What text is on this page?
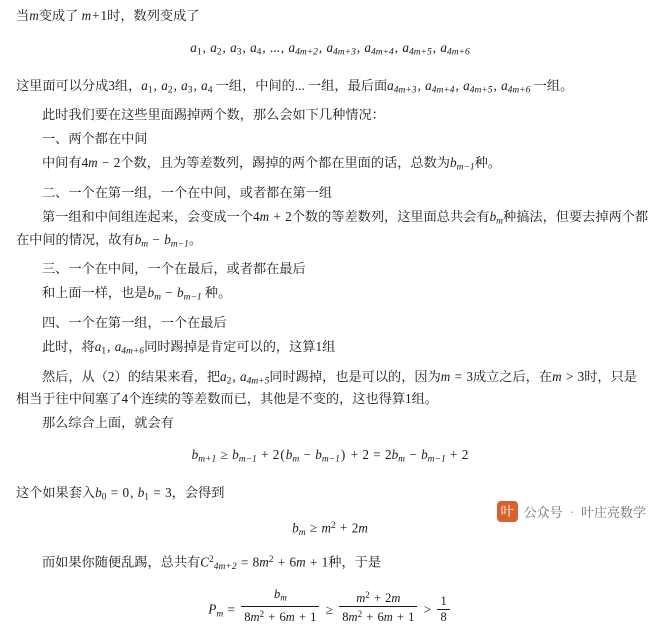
当m变成了 m+1时，数列变成了
$a_1$, $a_2$, $a_3$, $a_4$, ..., $a_{4m+2}$, $a_{4m+3}$, $a_{4m+4}$, $a_{4m+5}$, $a_{4m+6}$
这里面可以分成3组，$a_1$, $a_2$, $a_3$, $a_4$ 一组，中间的... 一组，最后面$a_{4m+3}$, $a_{4m+4}$, $a_{4m+5}$, $a_{4m+6}$ 一组。
此时我们要在这些里面踢掉两个数，那么会如下几种情况：
一、两个都在中间
中间有4m − 2个数，且为等差数列，踢掉的两个都在里面的话，总数为$b_{m-1}$种。
二、一个在第一组，一个在中间，或者都在第一组
第一组和中间组连起来，会变成一个4m + 2个数的等差数列，这里面总共会有$b_m$种搞法，但要去掉两个都
在中间的情况，故有$b_m - b_{m-1}$。
三、一个在中间，一个在最后，或者都在最后
和上面一样，也是$b_m - b_{m-1}$ 种。
四、一个在第一组，一个在最后
此时，将$a_1$, $a_{4m+6}$同时踢掉是肯定可以的，这算1组
然后，从（2）的结果来看，把$a_2$, $a_{4m+5}$同时踢掉，也是可以的，因为m = 3成立之后，在m > 3时，只是
相当于往中间塞了4个连续的等差数而已，其他是不变的，这也得算1组。
那么综合上面，就会有
$b_{m+1} \ge b_{m-1} + 2(b_m - b_{m-1}) + 2 = 2b_m - b_{m-1} + 2$
这个如果套入$b_0 = 0$, $b_1 = 3$，会得到
$b_m \ge m^2 + 2m$
而如果你随便乱踢，总共有$C^2_{4m+2} = 8m^2 + 6m + 1$种，于是
$P_m = \frac{b_m}{8m^2 + 6m + 1} \ge \frac{m^2 + 2m}{8m^2 + 6m + 1} > \frac{1}{8}$
叶 公众号 · 叶庄亮数学
